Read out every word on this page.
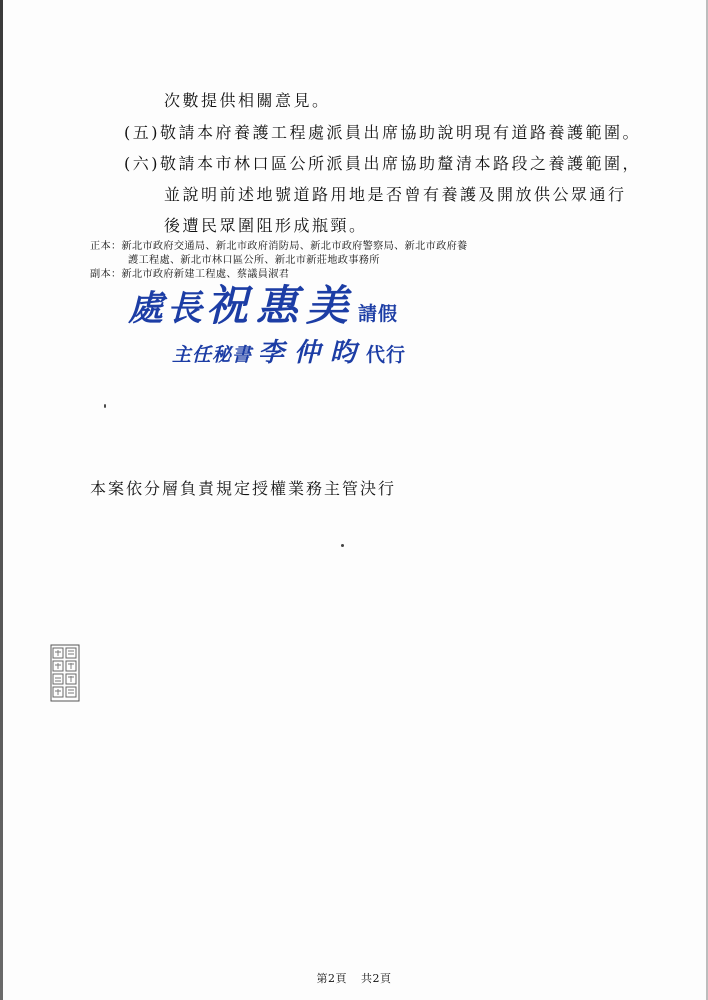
次數提供相關意見。
(五)敬請本府養護工程處派員出席協助說明現有道路養護範圍。
(六)敬請本市林口區公所派員出席協助釐清本路段之養護範圍，
並說明前述地號道路用地是否曾有養護及開放供公眾通行
後遭民眾圍阻形成瓶頸。
正本：新北市政府交通局、新北市政府消防局、新北市政府警察局、新北市政府養
護工程處、新北市林口區公所、新北市新莊地政事務所
副本：新北市政府新建工程處、蔡議員淑君
處長祝惠美 請假
主任秘書 李仲昀代行
本案依分層負責規定授權業務主管決行
第2頁 共2頁
